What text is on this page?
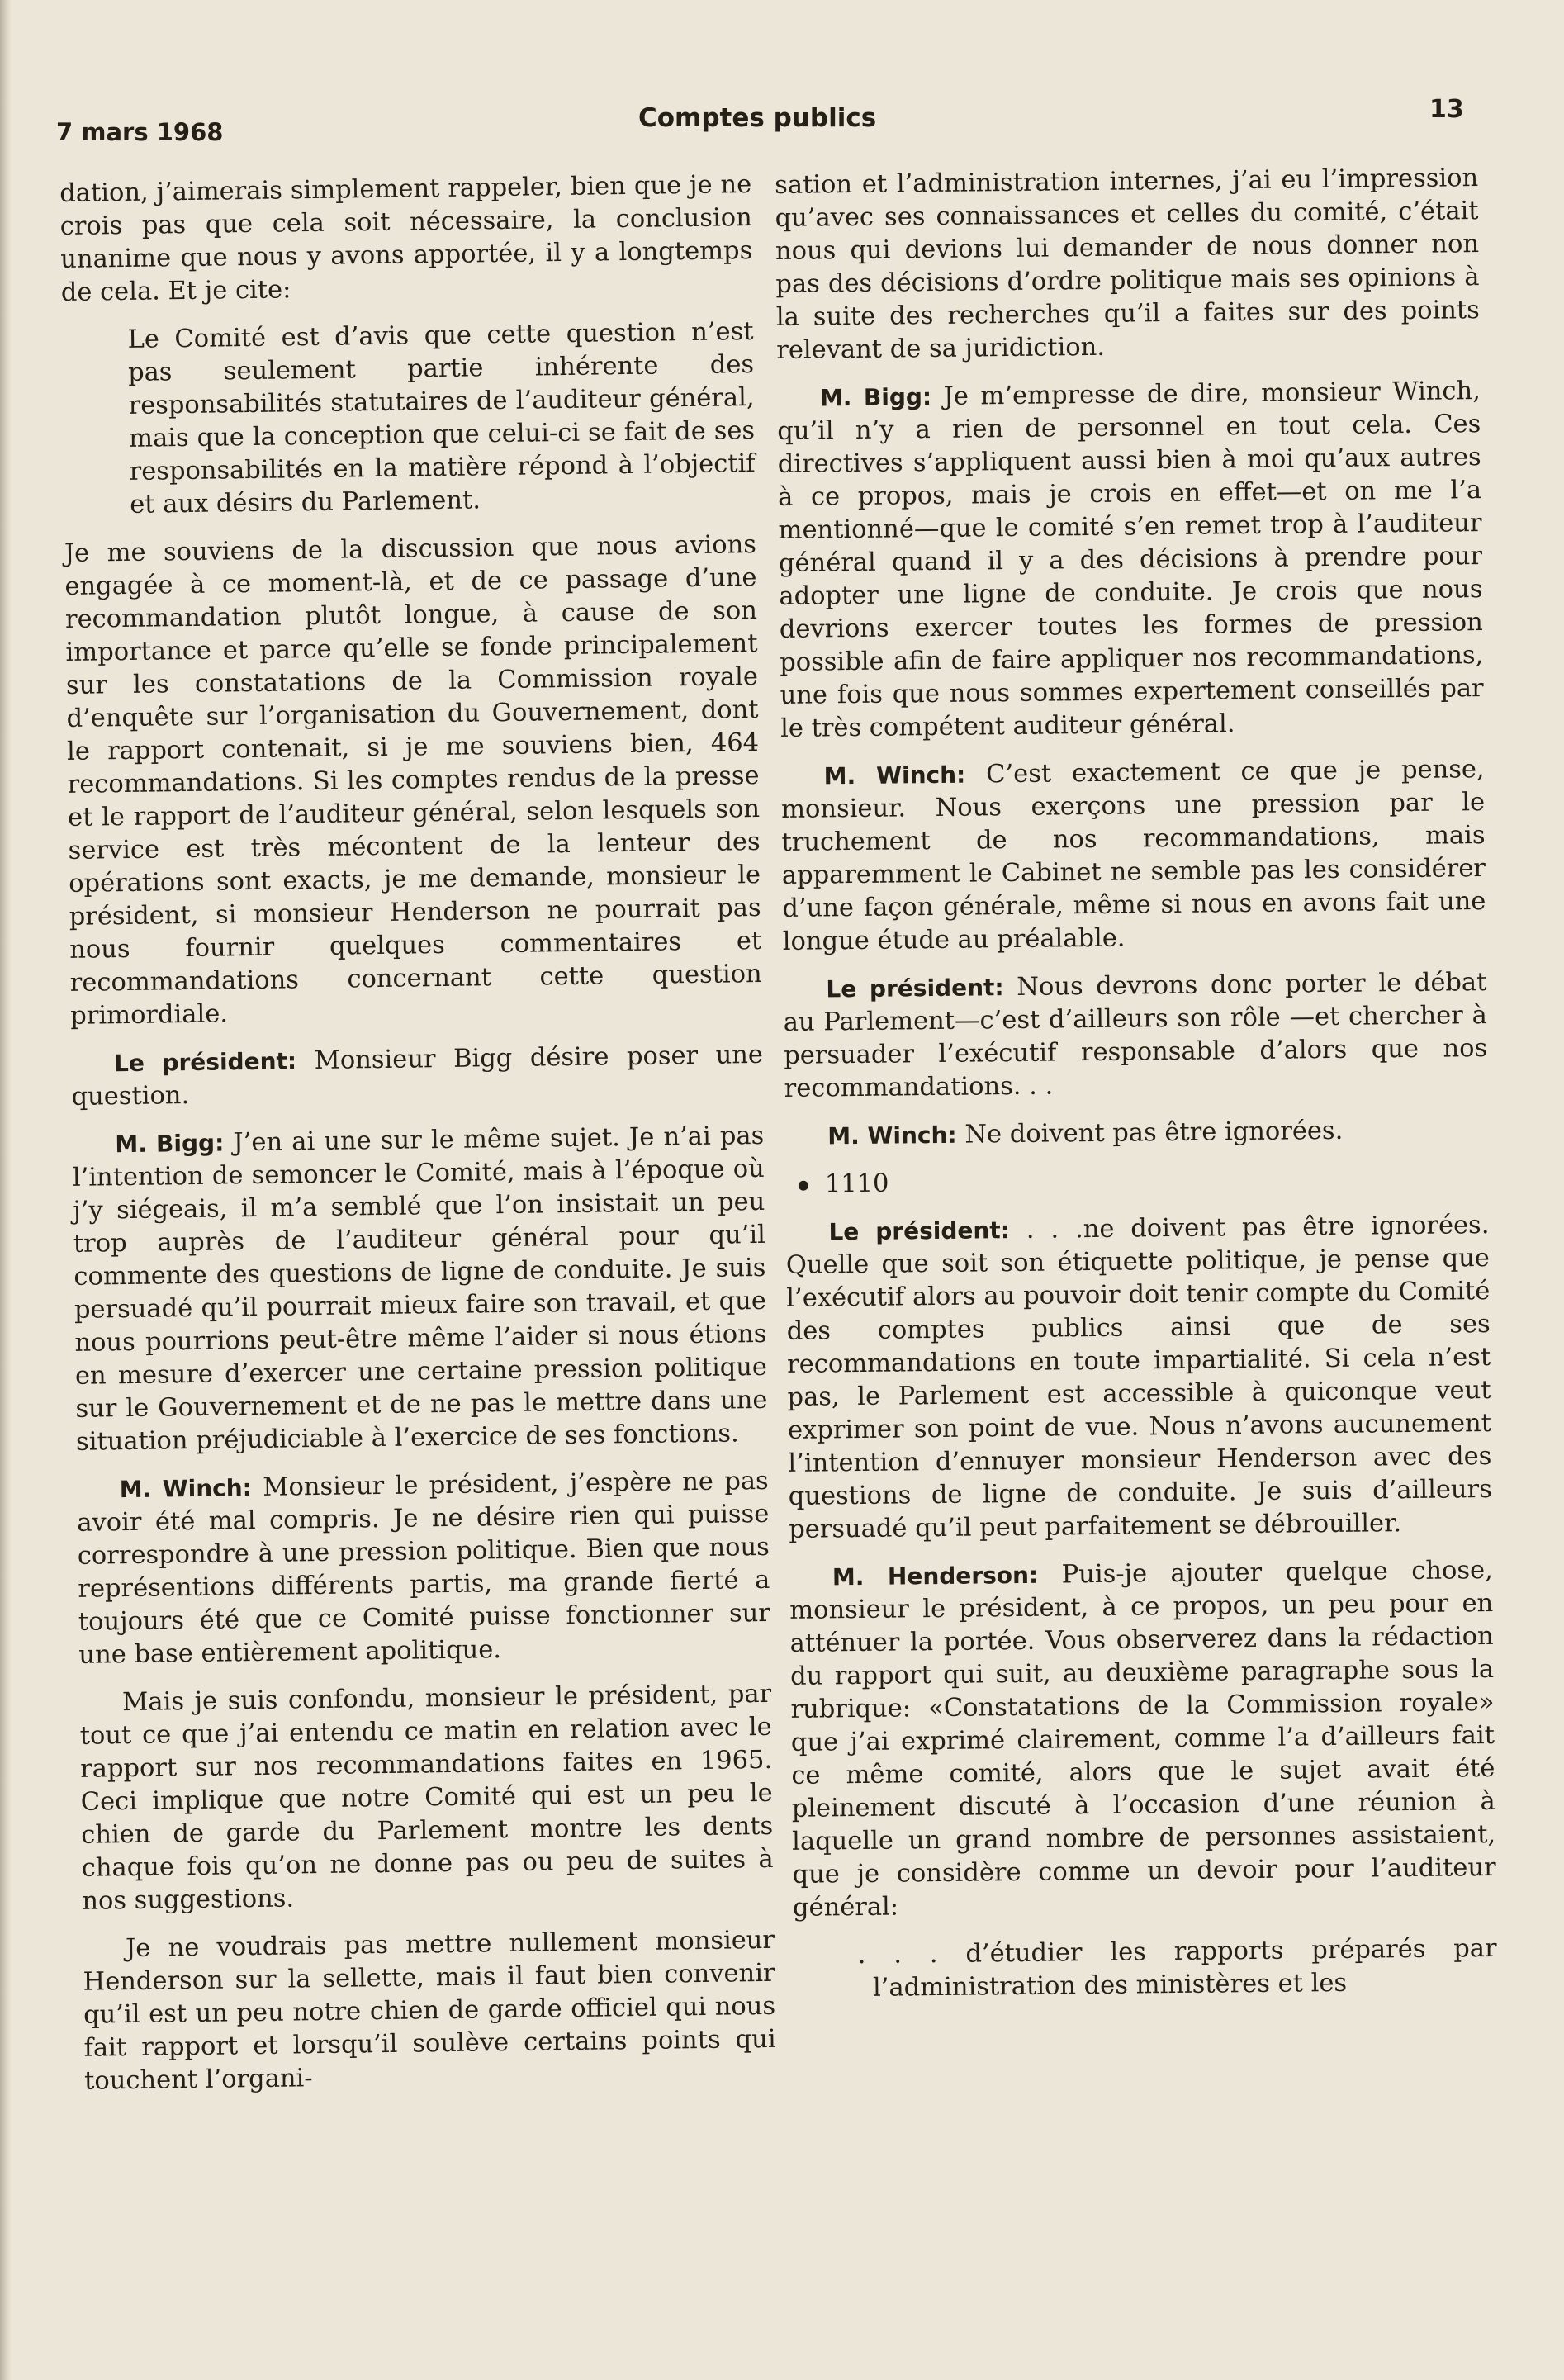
7 mars 1968	Comptes publics	13

dation, j’aimerais simplement rappeler, bien que je ne crois pas que cela soit nécessaire, la conclusion unanime que nous y avons apportée, il y a longtemps de cela. Et je cite:

Le Comité est d’avis que cette question n’est pas seulement partie inhérente des responsabilités statutaires de l’auditeur général, mais que la conception que celui-ci se fait de ses responsabilités en la matière répond à l’objectif et aux désirs du Parlement.

Je me souviens de la discussion que nous avions engagée à ce moment-là, et de ce passage d’une recommandation plutôt longue, à cause de son importance et parce qu’elle se fonde principalement sur les constatations de la Commission royale d’enquête sur l’organisation du Gouvernement, dont le rapport contenait, si je me souviens bien, 464 recommandations. Si les comptes rendus de la presse et le rapport de l’auditeur général, selon lesquels son service est très mécontent de la lenteur des opérations sont exacts, je me demande, monsieur le président, si monsieur Henderson ne pourrait pas nous fournir quelques commentaires et recommandations concernant cette question primordiale.

Le président: Monsieur Bigg désire poser une question.

M. Bigg: J’en ai une sur le même sujet. Je n’ai pas l’intention de semoncer le Comité, mais à l’époque où j’y siégeais, il m’a semblé que l’on insistait un peu trop auprès de l’auditeur général pour qu’il commente des questions de ligne de conduite. Je suis persuadé qu’il pourrait mieux faire son travail, et que nous pourrions peut-être même l’aider si nous étions en mesure d’exercer une certaine pression politique sur le Gouvernement et de ne pas le mettre dans une situation préjudiciable à l’exercice de ses fonctions.

M. Winch: Monsieur le président, j’espère ne pas avoir été mal compris. Je ne désire rien qui puisse correspondre à une pression politique. Bien que nous représentions différents partis, ma grande fierté a toujours été que ce Comité puisse fonctionner sur une base entièrement apolitique.

Mais je suis confondu, monsieur le président, par tout ce que j’ai entendu ce matin en relation avec le rapport sur nos recommandations faites en 1965. Ceci implique que notre Comité qui est un peu le chien de garde du Parlement montre les dents chaque fois qu’on ne donne pas ou peu de suites à nos suggestions.

Je ne voudrais pas mettre nullement monsieur Henderson sur la sellette, mais il faut bien convenir qu’il est un peu notre chien de garde officiel qui nous fait rapport et lorsqu’il soulève certains points qui touchent l’organi-

sation et l’administration internes, j’ai eu l’impression qu’avec ses connaissances et celles du comité, c’était nous qui devions lui demander de nous donner non pas des décisions d’ordre politique mais ses opinions à la suite des recherches qu’il a faites sur des points relevant de sa juridiction.

M. Bigg: Je m’empresse de dire, monsieur Winch, qu’il n’y a rien de personnel en tout cela. Ces directives s’appliquent aussi bien à moi qu’aux autres à ce propos, mais je crois en effet—et on me l’a mentionné—que le comité s’en remet trop à l’auditeur général quand il y a des décisions à prendre pour adopter une ligne de conduite. Je crois que nous devrions exercer toutes les formes de pression possible afin de faire appliquer nos recommandations, une fois que nous sommes expertement conseillés par le très compétent auditeur général.

M. Winch: C’est exactement ce que je pense, monsieur. Nous exerçons une pression par le truchement de nos recommandations, mais apparemment le Cabinet ne semble pas les considérer d’une façon générale, même si nous en avons fait une longue étude au préalable.

Le président: Nous devrons donc porter le débat au Parlement—c’est d’ailleurs son rôle —et chercher à persuader l’exécutif responsable d’alors que nos recommandations. . .

M. Winch: Ne doivent pas être ignorées.

1110

Le président: . . .ne doivent pas être ignorées. Quelle que soit son étiquette politique, je pense que l’exécutif alors au pouvoir doit tenir compte du Comité des comptes publics ainsi que de ses recommandations en toute impartialité. Si cela n’est pas, le Parlement est accessible à quiconque veut exprimer son point de vue. Nous n’avons aucunement l’intention d’ennuyer monsieur Henderson avec des questions de ligne de conduite. Je suis d’ailleurs persuadé qu’il peut parfaitement se débrouiller.

M. Henderson: Puis-je ajouter quelque chose, monsieur le président, à ce propos, un peu pour en atténuer la portée. Vous observerez dans la rédaction du rapport qui suit, au deuxième paragraphe sous la rubrique: «Constatations de la Commission royale» que j’ai exprimé clairement, comme l’a d’ailleurs fait ce même comité, alors que le sujet avait été pleinement discuté à l’occasion d’une réunion à laquelle un grand nombre de personnes assistaient, que je considère comme un devoir pour l’auditeur général:

. . . d’étudier les rapports préparés par l’administration des ministères et les
